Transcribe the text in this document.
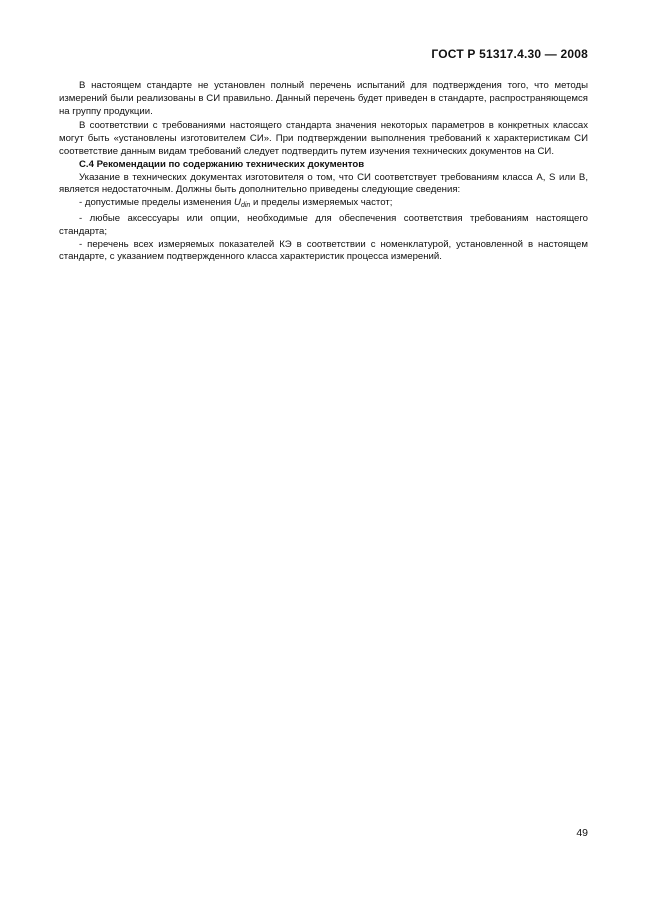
ГОСТ Р 51317.4.30 — 2008

В настоящем стандарте не установлен полный перечень испытаний для подтверждения того, что методы измерений были реализованы в СИ правильно. Данный перечень будет приведен в стандарте, распространяющемся на группу продукции.

В соответствии с требованиями настоящего стандарта значения некоторых параметров в конкретных классах могут быть «установлены изготовителем СИ». При подтверждении выполнения требований к характеристикам СИ соответствие данным видам требований следует подтвердить путем изучения технических документов на СИ.

С.4 Рекомендации по содержанию технических документов

Указание в технических документах изготовителя о том, что СИ соответствует требованиям класса А, S или В, является недостаточным. Должны быть дополнительно приведены следующие сведения:

- допустимые пределы изменения $U_{din}$ и пределы измеряемых частот;

- любые аксессуары или опции, необходимые для обеспечения соответствия требованиям настоящего стандарта;

- перечень всех измеряемых показателей КЭ в соответствии с номенклатурой, установленной в настоящем стандарте, с указанием подтвержденного класса характеристик процесса измерений.

49
